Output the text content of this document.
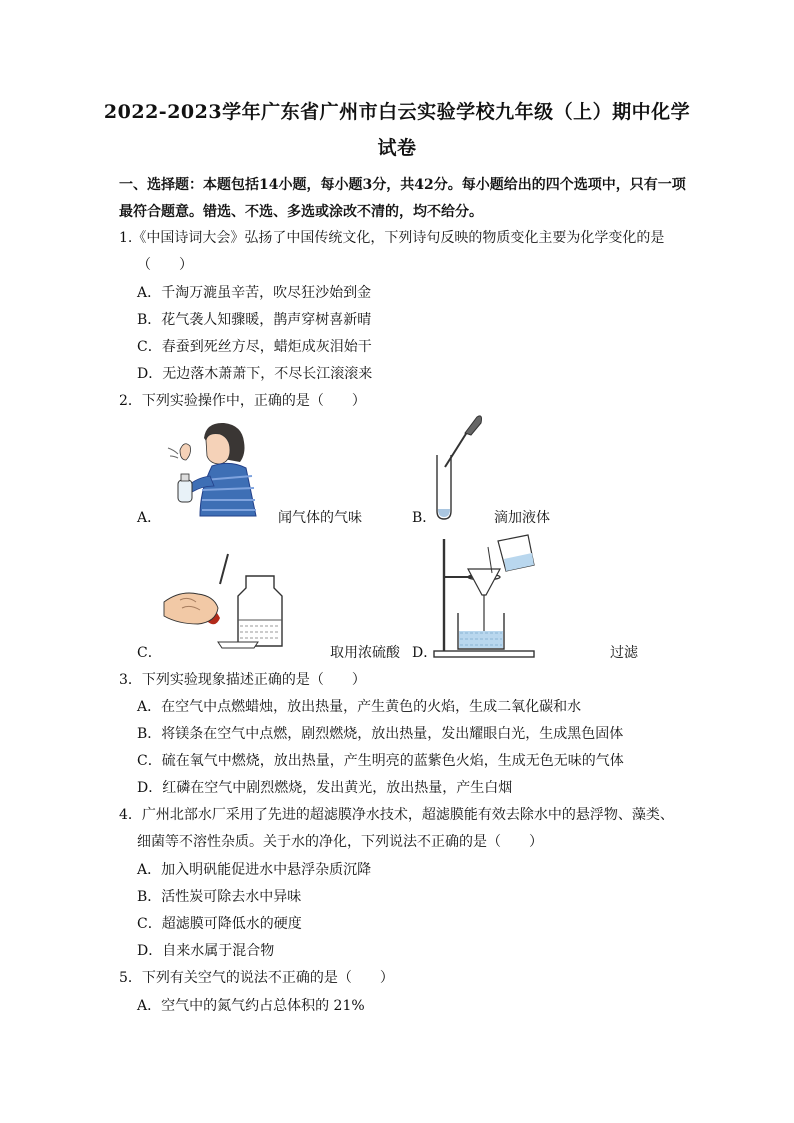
2022-2023学年广东省广州市白云实验学校九年级（上）期中化学试卷
一、选择题：本题包括14小题，每小题3分，共42分。每小题给出的四个选项中，只有一项最符合题意。错选、不选、多选或涂改不清的，均不给分。
1.《中国诗词大会》弘扬了中国传统文化，下列诗句反映的物质变化主要为化学变化的是
（　　）
A．千淘万漉虽辛苦，吹尽狂沙始到金
B．花气袭人知骤暖，鹊声穿树喜新晴
C．春蚕到死丝方尽，蜡炬成灰泪始干
D．无边落木萧萧下，不尽长江滚滚来
2．下列实验操作中，正确的是（　　）
A．	闻气体的气味	B．	滴加液体
C．	取用浓硫酸 D．	过滤
3．下列实验现象描述正确的是（　　）
A．在空气中点燃蜡烛，放出热量，产生黄色的火焰，生成二氧化碳和水
B．将镁条在空气中点燃，剧烈燃烧，放出热量，发出耀眼白光，生成黑色固体
C．硫在氧气中燃烧，放出热量，产生明亮的蓝紫色火焰，生成无色无味的气体
D．红磷在空气中剧烈燃烧，发出黄光，放出热量，产生白烟
4．广州北部水厂采用了先进的超滤膜净水技术，超滤膜能有效去除水中的悬浮物、藻类、
细菌等不溶性杂质。关于水的净化，下列说法不正确的是（　　）
A．加入明矾能促进水中悬浮杂质沉降
B．活性炭可除去水中异味
C．超滤膜可降低水的硬度
D．自来水属于混合物
5．下列有关空气的说法不正确的是（　　）
A．空气中的氮气约占总体积的 21%
